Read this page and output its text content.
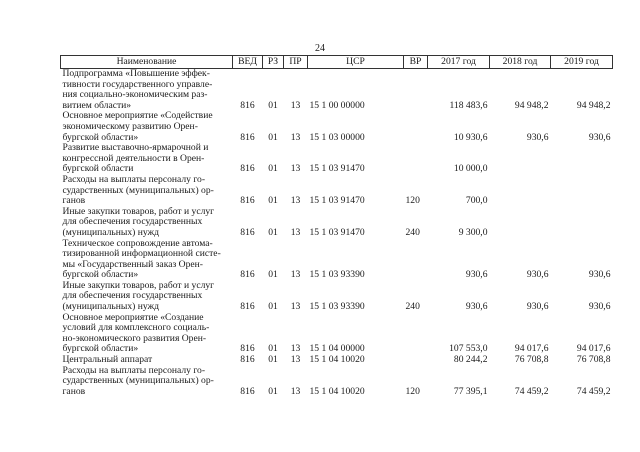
24
Наименование	ВЕД	РЗ	ПР	ЦСР	ВР	2017 год	2018 год	2019 год

Подпрограмма «Повышение эффек-
тивности государственного управле-
ния социально-экономическим раз-
витием области»	816	01	13	15 1 00 00000		118 483,6	94 948,2	94 948,2

Основное мероприятие «Содействие
экономическому развитию Орен-
бургской области»	816	01	13	15 1 03 00000		10 930,6	930,6	930,6

Развитие выставочно-ярмарочной и
конгрессной деятельности в Орен-
бургской области	816	01	13	15 1 03 91470		10 000,0		

Расходы на выплаты персоналу го-
сударственных (муниципальных) ор-
ганов	816	01	13	15 1 03 91470	120	700,0		

Иные закупки товаров, работ и услуг
для обеспечения государственных
(муниципальных) нужд	816	01	13	15 1 03 91470	240	9 300,0		

Техническое сопровождение автома-
тизированной информационной систе-
мы «Государственный заказ Орен-
бургской области»	816	01	13	15 1 03 93390		930,6	930,6	930,6

Иные закупки товаров, работ и услуг
для обеспечения государственных
(муниципальных) нужд	816	01	13	15 1 03 93390	240	930,6	930,6	930,6

Основное мероприятие «Создание
условий для комплексного социаль-
но-экономического развития Орен-
бургской области»	816	01	13	15 1 04 00000		107 553,0	94 017,6	94 017,6

Центральный аппарат	816	01	13	15 1 04 10020		80 244,2	76 708,8	76 708,8

Расходы на выплаты персоналу го-
сударственных (муниципальных) ор-
ганов	816	01	13	15 1 04 10020	120	77 395,1	74 459,2	74 459,2
